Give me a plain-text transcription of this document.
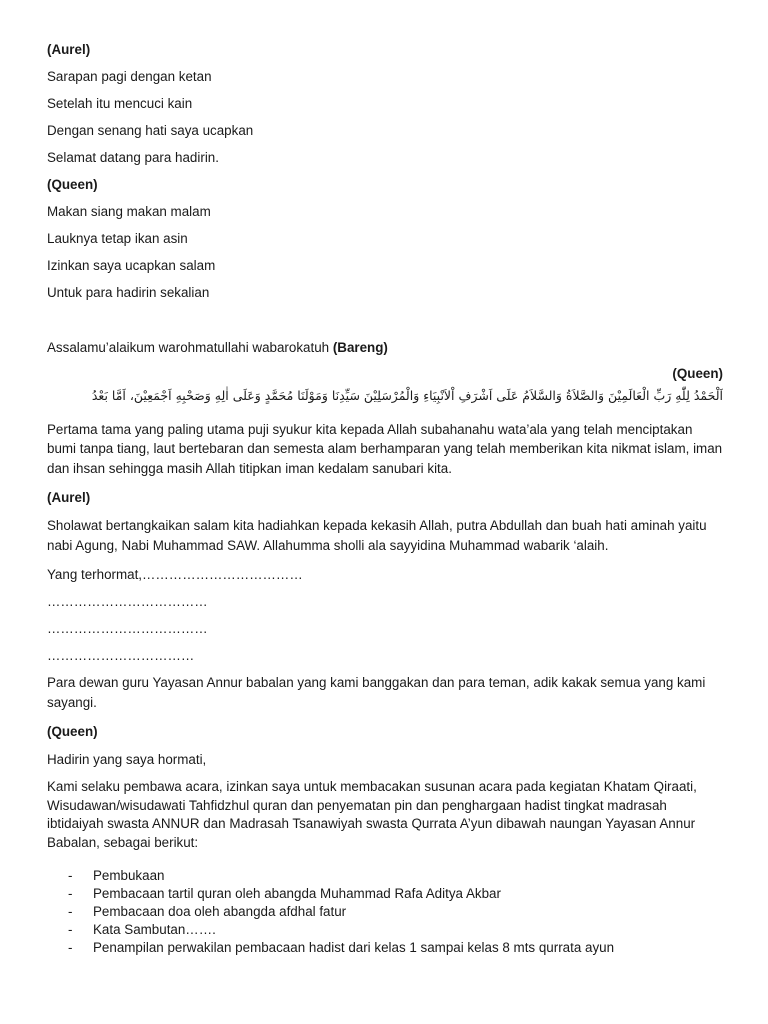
(Aurel)

Sarapan pagi dengan ketan

Setelah itu mencuci kain

Dengan senang hati saya ucapkan

Selamat datang para hadirin.

(Queen)

Makan siang makan malam

Lauknya tetap ikan asin

Izinkan saya ucapkan salam

Untuk para hadirin sekalian

Assalamu’alaikum warohmatullahi wabarokatuh (Bareng)

(Queen)

اَلْحَمْدُ لِلّٰهِ رَبِّ الْعَالَمِيْنَ وَالصَّلاَةُ وَالسَّلاَمُ عَلَى اَشْرَفِ اْلاَنْبِيَاءِ وَالْمُرْسَلِيْنَ سَيِّدِنَا وَمَوْلَنَا مُحَمَّدٍ وَعَلَى اٰلِهِ وَصَحْبِهِ اَجْمَعِيْنَ، اَمَّا بَعْدُ

Pertama tama yang paling utama puji syukur kita kepada Allah subahanahu wata’ala yang telah menciptakan bumi tanpa tiang, laut bertebaran dan semesta alam berhamparan yang telah memberikan kita nikmat islam, iman dan ihsan sehingga masih Allah titipkan iman kedalam sanubari kita.

(Aurel)

Sholawat bertangkaikan salam kita hadiahkan kepada kekasih Allah, putra Abdullah dan buah hati aminah yaitu nabi Agung, Nabi Muhammad SAW. Allahumma sholli ala sayyidina Muhammad wabarik ‘alaih.

Yang terhormat,………………………………

………………………………

………………………………

……………………………

Para dewan guru Yayasan Annur babalan yang kami banggakan dan para teman, adik kakak semua yang kami sayangi.

(Queen)

Hadirin yang saya hormati,

Kami selaku pembawa acara, izinkan saya untuk membacakan susunan acara pada kegiatan Khatam Qiraati, Wisudawan/wisudawati Tahfidzhul quran dan penyematan pin dan penghargaan hadist tingkat madrasah ibtidaiyah swasta ANNUR dan Madrasah Tsanawiyah swasta Qurrata A’yun dibawah naungan Yayasan Annur Babalan, sebagai berikut:

- Pembukaan
- Pembacaan tartil quran oleh abangda Muhammad Rafa Aditya Akbar
- Pembacaan doa oleh abangda afdhal fatur
- Kata Sambutan…….
- Penampilan perwakilan pembacaan hadist dari kelas 1 sampai kelas 8 mts qurrata ayun
